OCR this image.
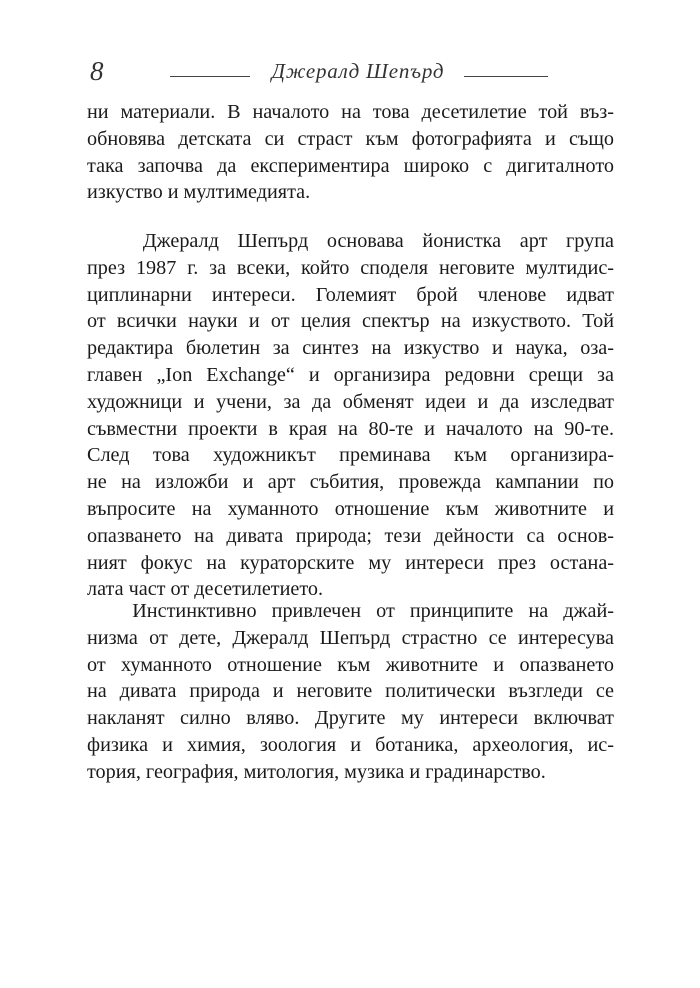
8	Джералд Шепърд
ни материали. В началото на това десетилетие той въз-
обновява детската си страст към фотографията и също
така започва да експериментира широко с дигиталното
изкуство и мултимедията.
Джералд Шепърд основава йонистка арт група
през 1987 г. за всеки, който споделя неговите мултидис-
циплинарни интереси. Големият брой членове идват
от всички науки и от целия спектър на изкуството. Той
редактира бюлетин за синтез на изкуство и наука, оза-
главен „Ion Exchange“ и организира редовни срещи за
художници и учени, за да обменят идеи и да изследват
съвместни проекти в края на 80-те и началото на 90-те.
След това художникът преминава към организира-
не на изложби и арт събития, провежда кампании по
въпросите на хуманното отношение към животните и
опазването на дивата природа; тези дейности са основ-
ният фокус на кураторските му интереси през остана-
лата част от десетилетието.
Инстинктивно привлечен от принципите на джай-
низма от дете, Джералд Шепърд страстно се интересува
от хуманното отношение към животните и опазването
на дивата природа и неговите политически възгледи се
накланят силно вляво. Другите му интереси включват
физика и химия, зоология и ботаника, археология, ис-
тория, география, митология, музика и градинарство.
